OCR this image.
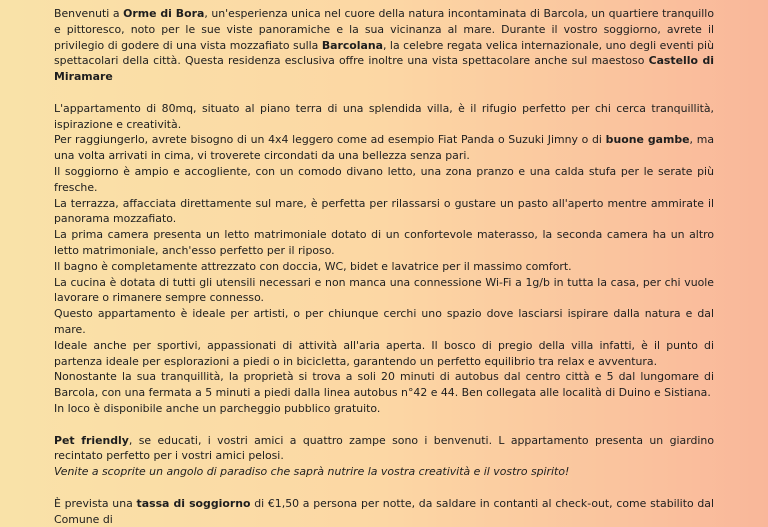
Benvenuti a Orme di Bora, un'esperienza unica nel cuore della natura incontaminata di Barcola, un quartiere tranquillo e pittoresco, noto per le sue viste panoramiche e la sua vicinanza al mare. Durante il vostro soggiorno, avrete il privilegio di godere di una vista mozzafiato sulla Barcolana, la celebre regata velica internazionale, uno degli eventi più spettacolari della città. Questa residenza esclusiva offre inoltre una vista spettacolare anche sul maestoso Castello di Miramare

L'appartamento di 80mq, situato al piano terra di una splendida villa, è il rifugio perfetto per chi cerca tranquillità, ispirazione e creatività.

Per raggiungerlo, avrete bisogno di un 4x4 leggero come ad esempio Fiat Panda o Suzuki Jimny o di buone gambe, ma una volta arrivati in cima, vi troverete circondati da una bellezza senza pari.

Il soggiorno è ampio e accogliente, con un comodo divano letto, una zona pranzo e una calda stufa per le serate più fresche.

La terrazza, affacciata direttamente sul mare, è perfetta per rilassarsi o gustare un pasto all'aperto mentre ammirate il panorama mozzafiato.

La prima camera presenta un letto matrimoniale dotato di un confortevole materasso, la seconda camera ha un altro letto matrimoniale, anch'esso perfetto per il riposo.

Il bagno è completamente attrezzato con doccia, WC, bidet e lavatrice per il massimo comfort.

La cucina è dotata di tutti gli utensili necessari e non manca una connessione Wi-Fi a 1g/b in tutta la casa, per chi vuole lavorare o rimanere sempre connesso.

Questo appartamento è ideale per artisti, o per chiunque cerchi uno spazio dove lasciarsi ispirare dalla natura e dal mare.

Ideale anche per sportivi, appassionati di attività all'aria aperta. Il bosco di pregio della villa infatti, è il punto di partenza ideale per esplorazioni a piedi o in bicicletta, garantendo un perfetto equilibrio tra relax e avventura.

Nonostante la sua tranquillità, la proprietà si trova a soli 20 minuti di autobus dal centro città e 5 dal lungomare di Barcola, con una fermata a 5 minuti a piedi dalla linea autobus n°42 e 44. Ben collegata alle località di Duino e Sistiana.

In loco è disponibile anche un parcheggio pubblico gratuito.

Pet friendly, se educati, i vostri amici a quattro zampe sono i benvenuti. L appartamento presenta un giardino recintato perfetto per i vostri amici pelosi.

Venite a scoprite un angolo di paradiso che saprà nutrire la vostra creatività e il vostro spirito!

È prevista una tassa di soggiorno di €1,50 a persona per notte, da saldare in contanti al check-out, come stabilito dal Comune di
